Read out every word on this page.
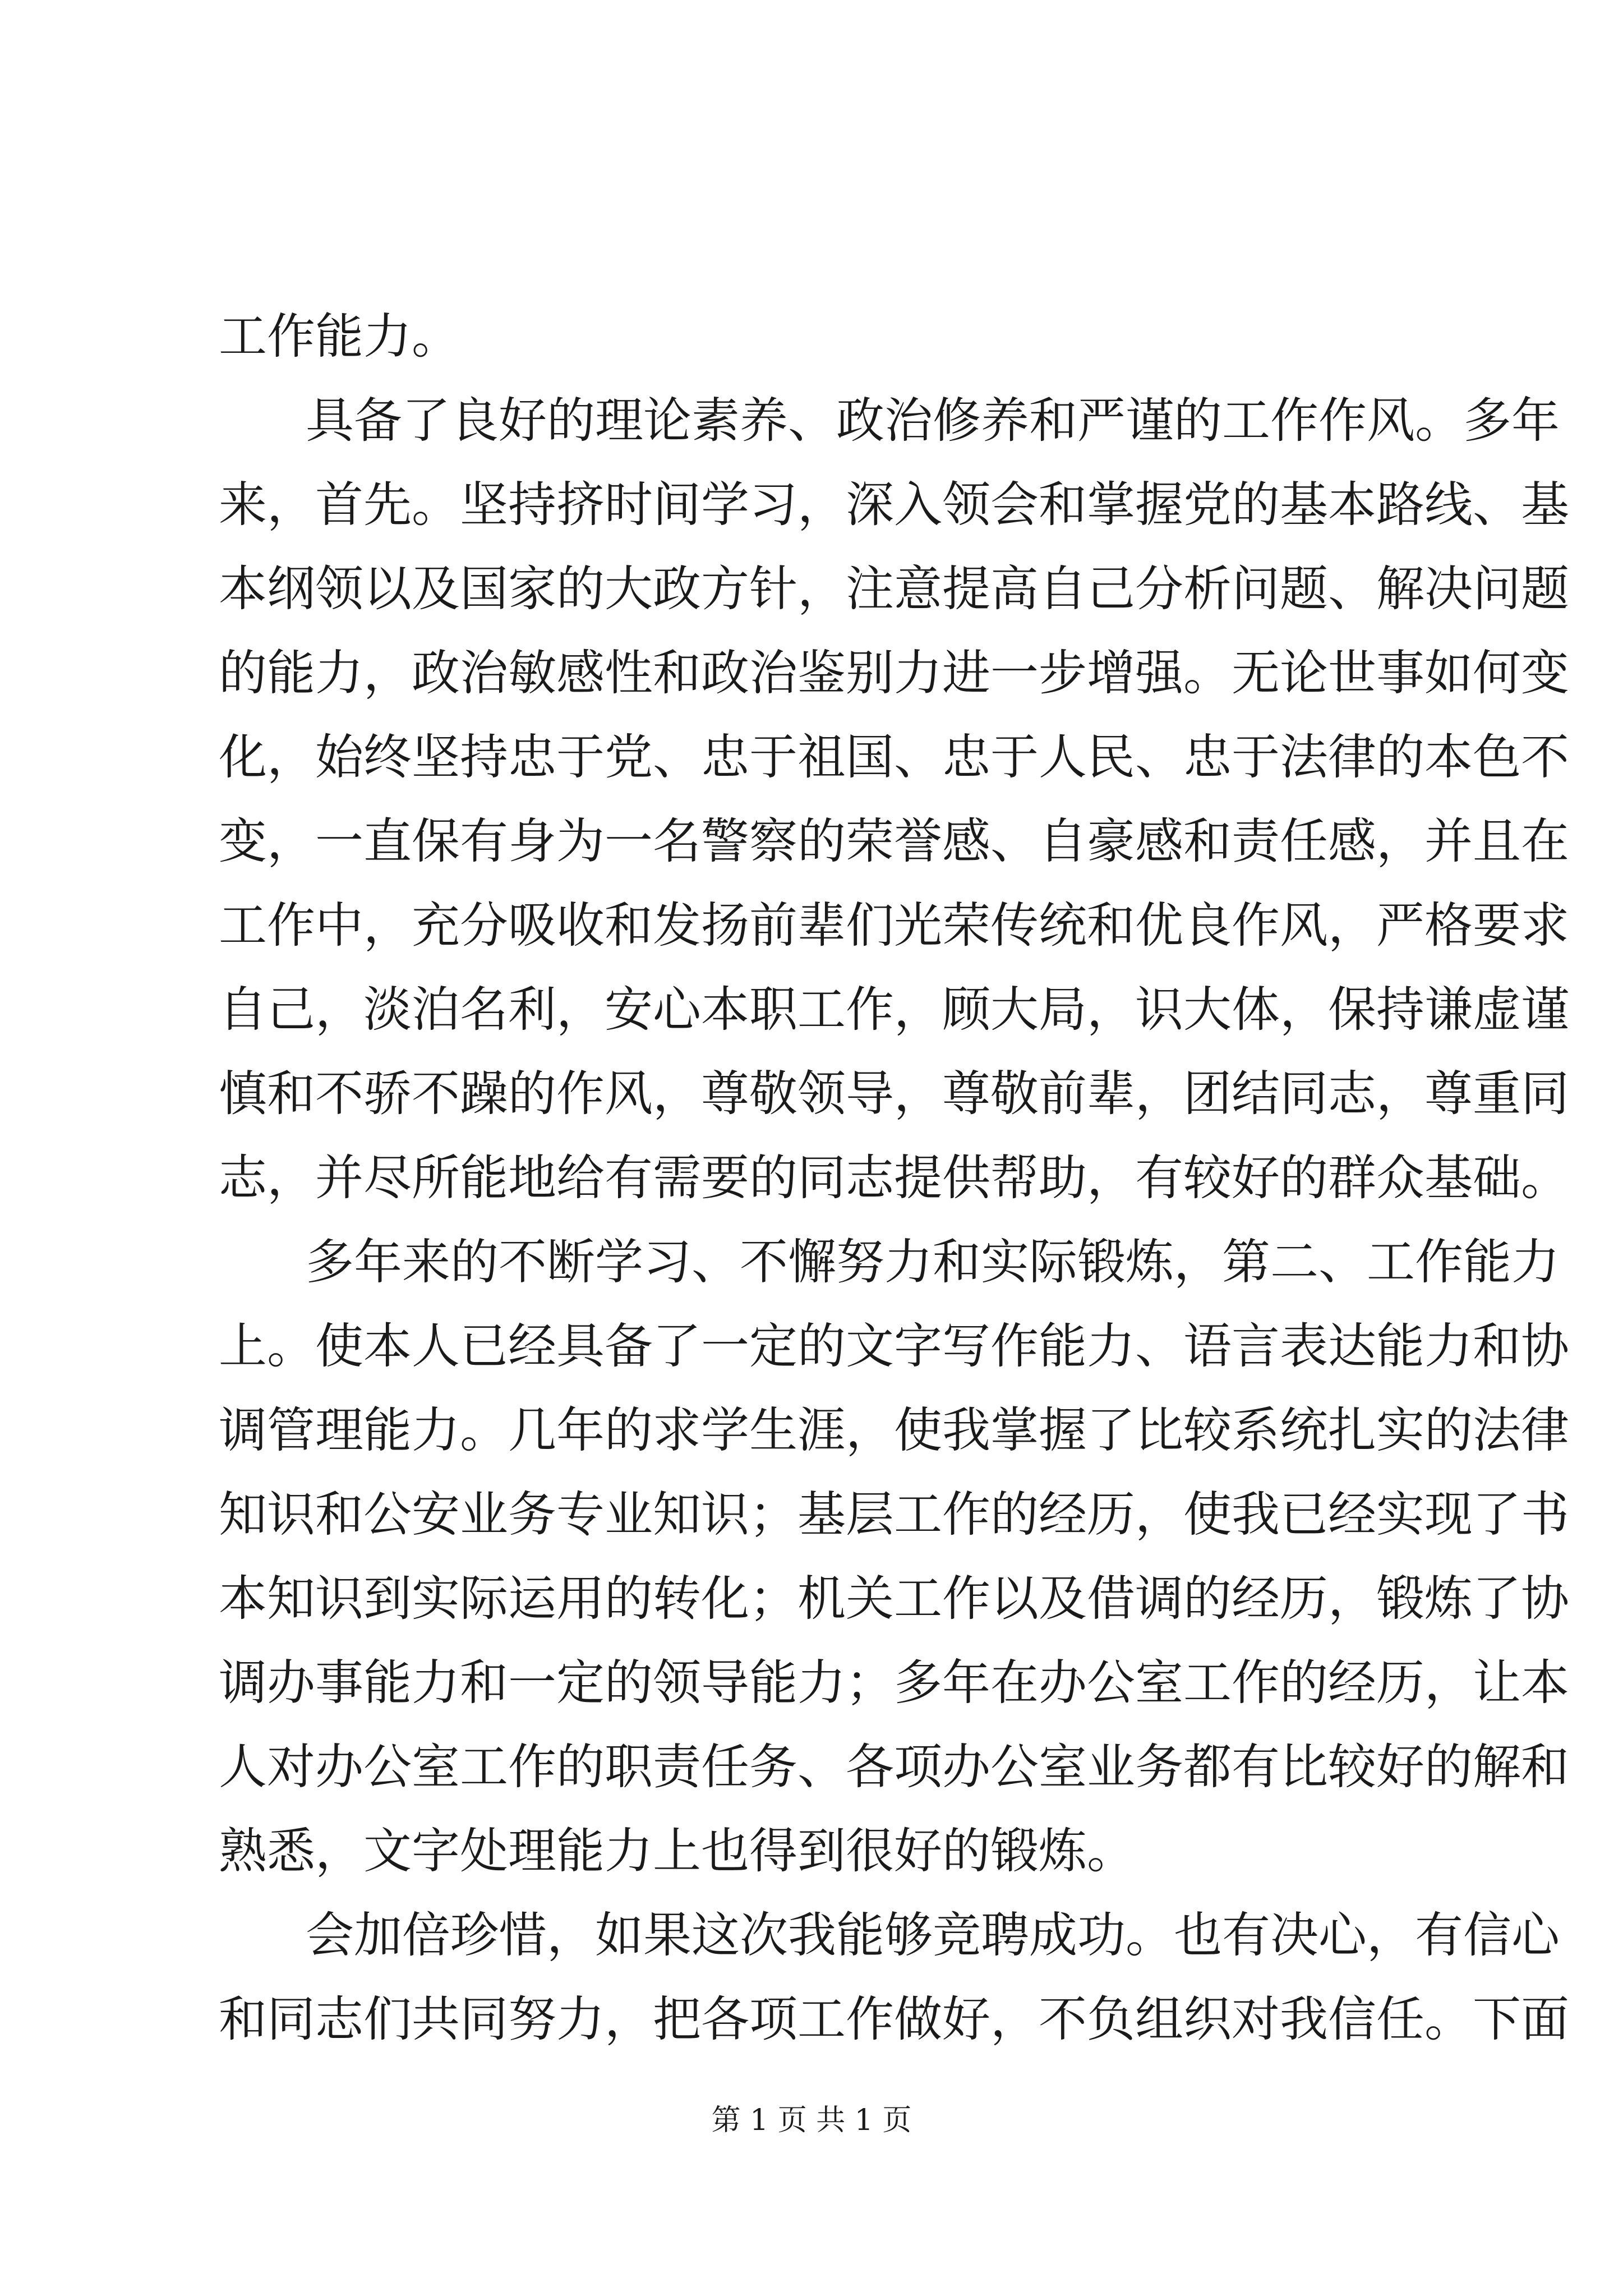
工作能力。
具备了良好的理论素养、政治修养和严谨的工作作风。多年
来，首先。坚持挤时间学习，深入领会和掌握党的基本路线、基
本纲领以及国家的大政方针，注意提高自己分析问题、解决问题
的能力，政治敏感性和政治鉴别力进一步增强。无论世事如何变
化，始终坚持忠于党、忠于祖国、忠于人民、忠于法律的本色不
变，一直保有身为一名警察的荣誉感、自豪感和责任感，并且在
工作中，充分吸收和发扬前辈们光荣传统和优良作风，严格要求
自己，淡泊名利，安心本职工作，顾大局，识大体，保持谦虚谨
慎和不骄不躁的作风，尊敬领导，尊敬前辈，团结同志，尊重同
志，并尽所能地给有需要的同志提供帮助，有较好的群众基础。
多年来的不断学习、不懈努力和实际锻炼，第二、工作能力
上。使本人已经具备了一定的文字写作能力、语言表达能力和协
调管理能力。几年的求学生涯，使我掌握了比较系统扎实的法律
知识和公安业务专业知识；基层工作的经历，使我已经实现了书
本知识到实际运用的转化；机关工作以及借调的经历，锻炼了协
调办事能力和一定的领导能力；多年在办公室工作的经历，让本
人对办公室工作的职责任务、各项办公室业务都有比较好的解和
熟悉，文字处理能力上也得到很好的锻炼。
会加倍珍惜，如果这次我能够竞聘成功。也有决心，有信心
和同志们共同努力，把各项工作做好，不负组织对我信任。下面
第 1 页 共 1 页
